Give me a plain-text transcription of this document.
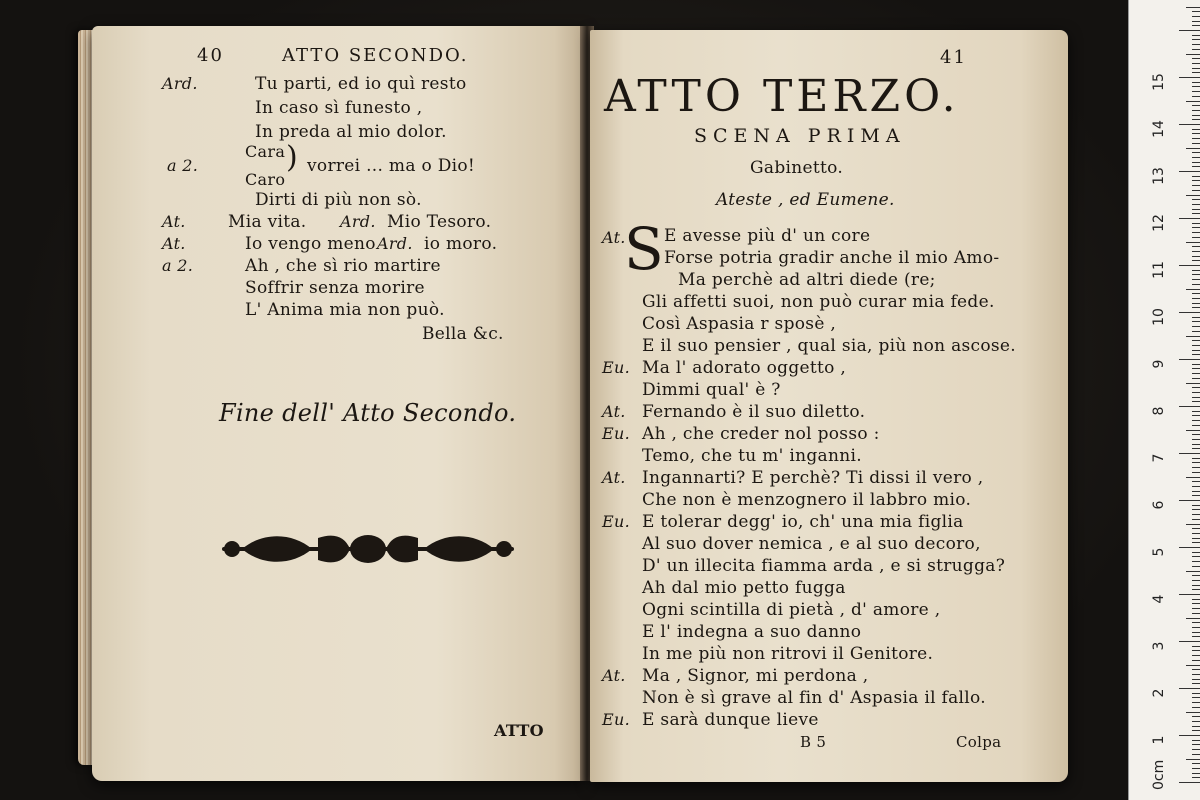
40	ATTO SECONDO.
Ard.	Tu parti, ed io quì resto
In caso sì funesto ,
In preda al mio dolor.
Cara
a 2.	) vorrei ... ma o Dio!
Caro
Dirti di più non sò.
At. Mia vita. Ard. Mio Tesoro.
At.	Io vengo meno Ard. io moro.
a 2.	Ah , che sì rio martire
Soffrir senza morire
L' Anima mia non può.
Bella &c.
Fine dell' Atto Secondo.
ATTO
41
ATTO TERZO.
SCENA PRIMA
Gabinetto.
Ateste , ed Eumene.
S
At. E avesse più d' un core
Forse potria gradir anche il mio Amo-
Ma perchè ad altri diede (re;
Gli affetti suoi, non può curar mia fede.
Così Aspasia r sposè ,
E il suo pensier , qual sia, più non ascose.
Eu. Ma l' adorato oggetto ,
Dimmi qual' è ?
At. Fernando è il suo diletto.
Eu. Ah , che creder nol posso :
Temo, che tu m' inganni.
At. Ingannarti? E perchè? Ti dissi il vero ,
Che non è menzognero il labbro mio.
Eu. E tolerar degg' io, ch' una mia figlia
Al suo dover nemica , e al suo decoro,
D' un illecita fiamma arda , e si strugga?
Ah dal mio petto fugga
Ogni scintilla di pietà , d' amore ,
E l' indegna a suo danno
In me più non ritrovi il Genitore.
At. Ma , Signor, mi perdona ,
Non è sì grave al fin d' Aspasia il fallo.
Eu. E sarà dunque lieve
B 5	Colpa
0cm
1
2
3
4
5
6
7
8
9
10
11
12
13
14
15
